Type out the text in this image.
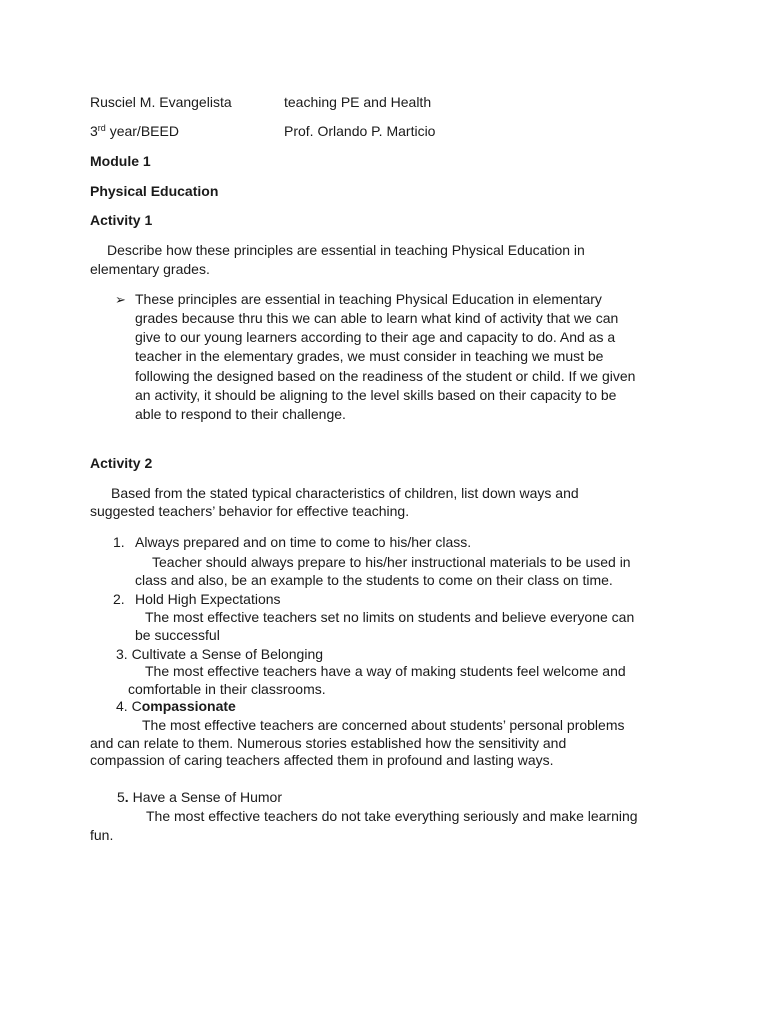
Rusciel M. Evangelista	teaching PE and Health
3rd year/BEED	Prof. Orlando P. Marticio
Module 1
Physical Education
Activity 1
Describe how these principles are essential in teaching Physical Education in
elementary grades.
➢ These principles are essential in teaching Physical Education in elementary
grades because thru this we can able to learn what kind of activity that we can
give to our young learners according to their age and capacity to do. And as a
teacher in the elementary grades, we must consider in teaching we must be
following the designed based on the readiness of the student or child. If we given
an activity, it should be aligning to the level skills based on their capacity to be
able to respond to their challenge.
Activity 2
Based from the stated typical characteristics of children, list down ways and
suggested teachers’ behavior for effective teaching.
1. Always prepared and on time to come to his/her class.
Teacher should always prepare to his/her instructional materials to be used in
class and also, be an example to the students to come on their class on time.
2. Hold High Expectations
The most effective teachers set no limits on students and believe everyone can
be successful
3. Cultivate a Sense of Belonging
The most effective teachers have a way of making students feel welcome and
comfortable in their classrooms.
4. Compassionate
The most effective teachers are concerned about students’ personal problems
and can relate to them. Numerous stories established how the sensitivity and
compassion of caring teachers affected them in profound and lasting ways.
5. Have a Sense of Humor
The most effective teachers do not take everything seriously and make learning
fun.
